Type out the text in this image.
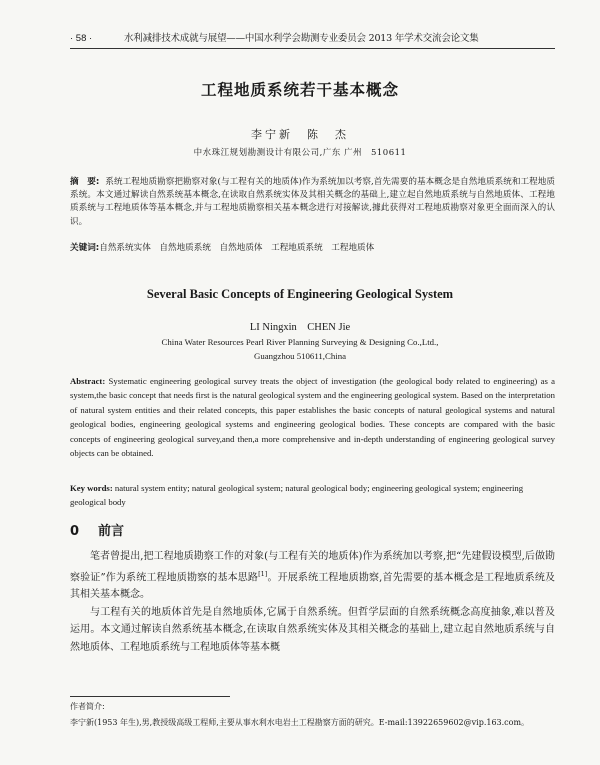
· 58 ·	水利减排技术成就与展望——中国水利学会勘测专业委员会 2013 年学术交流会论文集
工程地质系统若干基本概念
李宁新　陈　杰
中水珠江规划勘测设计有限公司,广东 广州　510611
摘　要: 系统工程地质勘察把勘察对象(与工程有关的地质体)作为系统加以考察,首先需要的基本概念是自然地质系统和工程地质系统。本文通过解读自然系统基本概念,在读取自然系统实体及其相关概念的基础上,建立起自然地质系统与自然地质体、工程地质系统与工程地质体等基本概念,并与工程地质勘察相关基本概念进行对接解读,據此获得对工程地质勘察对象更全面而深入的认识。
关键词:自然系统实体　自然地质系统　自然地质体　工程地质系统　工程地质体
Several Basic Concepts of Engineering Geological System
LI Ningxin　CHEN Jie
China Water Resources Pearl River Planning Surveying & Designing Co.,Ltd.,
Guangzhou 510611,China
Abstract: Systematic engineering geological survey treats the object of investigation (the geological body related to engineering) as a system,the basic concept that needs first is the natural geological system and the engineering geological system. Based on the interpretation of natural system entities and their related concepts, this paper establishes the basic concepts of natural geological systems and natural geological bodies, engineering geological systems and engineering geological bodies. These concepts are compared with the basic concepts of engineering geological survey,and then,a more comprehensive and in-depth understanding of engineering geological survey objects can be obtained.
Key words: natural system entity; natural geological system; natural geological body; engineering geological system; engineering geological body
0 前言

笔者曾提出,把工程地质勘察工作的对象(与工程有关的地质体)作为系统加以考察,把“先建假设模型,后做勘察验证”作为系统工程地质勘察的基本思路[1]。开展系统工程地质勘察,首先需要的基本概念是工程地质系统及其相关基本概念。

与工程有关的地质体首先是自然地质体,它属于自然系统。但哲学层面的自然系统概念高度抽象,难以普及运用。本文通过解读自然系统基本概念,在读取自然系统实体及其相关概念的基础上,建立起自然地质系统与自然地质体、工程地质系统与工程地质体等基本概

作者简介:
李宁新(1953 年生),男,教授级高级工程师,主要从事水利水电岩土工程勘察方面的研究。E-mail:13922659602@vip.163.com。
